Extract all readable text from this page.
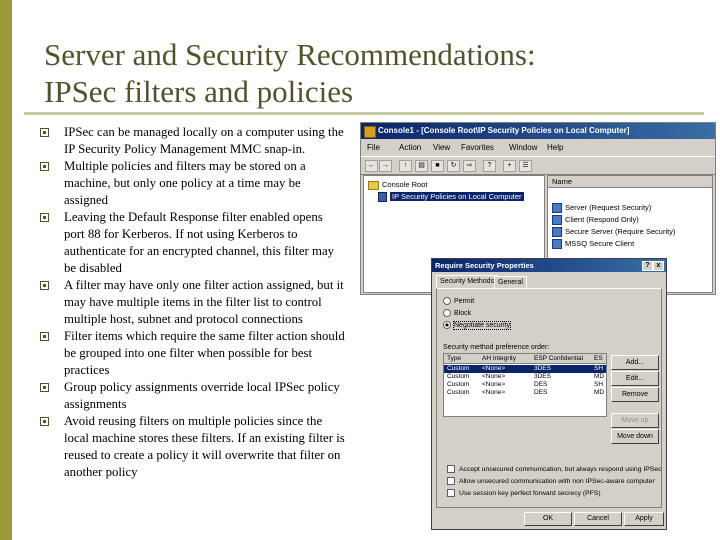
Server and Security Recommendations:
IPSec filters and policies
IPSec can be managed locally on a computer using the IP Security Policy Management MMC snap-in.
Multiple policies and filters may be stored on a machine, but only one policy at a time may be assigned
Leaving the Default Response filter enabled opens port 88 for Kerberos. If not using Kerberos to authenticate for an encrypted channel, this filter may be disabled
A filter may have only one filter action assigned, but it may have multiple items in the filter list to control multiple host, subnet and protocol connections
Filter items which require the same filter action should be grouped into one filter when possible for best practices
Group policy assignments override local IPSec policy assignments
Avoid reusing filters on multiple policies since the local machine stores these filters. If an existing filter is reused to create a policy it will overwrite that filter on another policy
Console1 - [Console Root\IP Security Policies on Local Computer]
File Action View Favorites Window Help
←	→	↑	▤	■	↻	⇨	?	+	☰
Console Root
IP Security Policies on Local Computer
Name
Server (Request Security)
Client (Respond Only)
Secure Server (Require Security)
MSSQ Secure Client
Require Security Properties	? x
Security Methods General
Permit
Block
Negotiate security
Security method preference order:
Type	AH Integrity	ESP Confidential ES
Custom <None>	3DES	SH
Custom <None>	3DES	MD
Custom <None>	DES	SH
Custom <None>	DES	MD
Add...
Edit...
Remove
Move up
Move down
Accept unsecured communication, but always respond using IPSec
Allow unsecured communication with non IPSec-aware computer
Use session key perfect forward secrecy (PFS)
OK	Cancel	Apply
